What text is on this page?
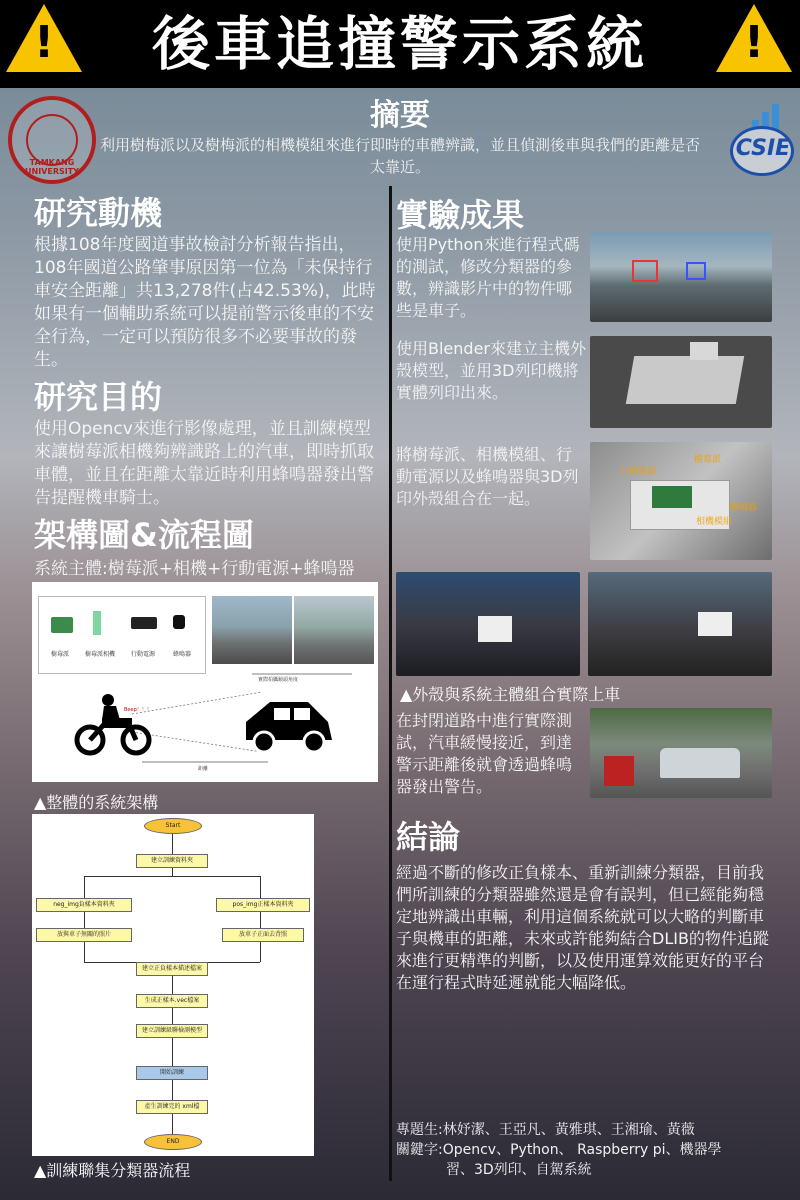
!	!
後車追撞警示系統
TAMKANG UNIVERSITY
CSIE
摘要
利用樹梅派以及樹梅派的相機模組來進行即時的車體辨識，並且偵測後車與我們的距離是否太靠近。
研究動機
根據108年度國道事故檢討分析報告指出，108年國道公路肇事原因第一位為「未保持行車安全距離」共13,278件(占42.53%)，此時如果有一個輔助系統可以提前警示後車的不安全行為，一定可以預防很多不必要事故的發生。
研究目的
使用Opencv來進行影像處理，並且訓練模型來讓樹莓派相機夠辨識路上的汽車，即時抓取車體，並且在距離太靠近時利用蜂鳴器發出警告提醒機車騎士。
架構圖&流程圖
系統主體:樹莓派+相機+行動電源+蜂鳴器
樹莓派	樹莓派相機	行動電源	蜂鳴器
實際拍攝鏡頭角度
Beep！！！
距離
▲整體的系統架構
Start
建立訓練資料夾
neg_img負樣本資料夾	pos_img正樣本資料夾
放與車子無關的照片	放車子正面去背照
建立正負樣本描述檔案
生成正樣本.vec檔案
建立訓練級聯檢測模型
開始訓練
產生訓練完的 xml檔
END
▲訓練聯集分類器流程
實驗成果
使用Python來進行程式碼的測試，修改分類器的參數，辨識影片中的物件哪些是車子。
使用Blender來建立主機外殼模型，並用3D列印機將實體列印出來。
將樹莓派、相機模組、行動電源以及蜂鳴器與3D列印外殼組合在一起。
行動電源
樹莓派
蜂鳴器
相機模組
▲外殼與系統主體組合實際上車
在封閉道路中進行實際測試，汽車緩慢接近，到達警示距離後就會透過蜂鳴器發出警告。
結論
經過不斷的修改正負樣本、重新訓練分類器，目前我們所訓練的分類器雖然還是會有誤判，但已經能夠穩定地辨識出車輛，利用這個系統就可以大略的判斷車子與機車的距離，未來或許能夠結合DLIB的物件追蹤來進行更精準的判斷，以及使用運算效能更好的平台在運行程式時延遲就能大幅降低。
專題生:林妤潔、王亞凡、黃雅琪、王湘瑜、黃薇
關鍵字:Opencv、Python、 Raspberry pi、機器學
習、3D列印、自駕系統
